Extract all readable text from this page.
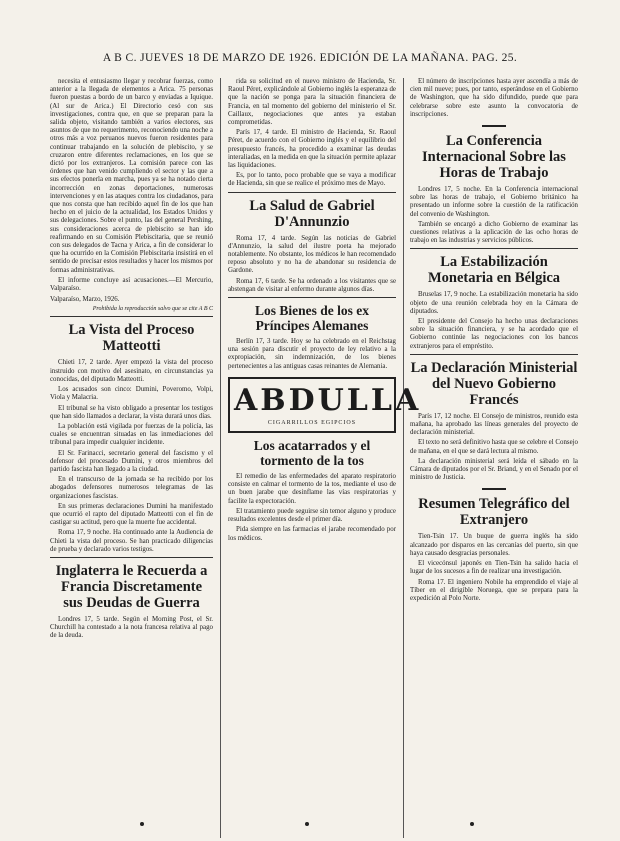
A B C. JUEVES 18 DE MARZO DE 1926. EDICIÓN DE LA MAÑANA. PAG. 25.

necesita el entusiasmo llegar y recobrar fuerzas, como anterior a la llegada de elementos a Arica. 75 personas fueron puestas a bordo de un barco y enviadas a Iquique. (Al sur de Arica.) El Directorio cesó con sus investigaciones, contra que, en que se preparan para la salida objeto, visitando también a varios electores, sus asuntos de que no requerimento, reconociendo una noche a otros más a voz peruanos nuevos fueron residentes para continuar trabajando en la solución de plebiscito, y se cruzaron entre diferentes reclamaciones, en los que se dictó por los extranjeros. La comisión parece con las órdenes que han venido cumpliendo el sector y las que a sus efectos ponerla en marcha, pues ya se ha notado cierta incorrección en zonas deportaciones, numerosas intervenciones y en las ataques contra los ciudadanos, para que nos consta que han recibido aquel fin de los que han hecho en el juicio de la actualidad, los Estados Unidos y sus delegaciones. Sobre el punto, las del general Pershing, sus consideraciones acerca de plebiscito se han ido reafirmando en su Comisión Plebiscitaria, que se reunió con sus delegados de Tacna y Arica, a fin de considerar lo que ha ocurrido en la Comisión Plebiscitaria insistirá en el sentido de precisar estos resultados y hacer los mismos por formas administrativas.

El informe concluye así acusaciones.—El Mercurio, Valparaíso.

Valparaíso, Marzo, 1926.

Prohibida la reproducción salvo que se cite A B C
La Vista del Proceso Matteotti

Chieti 17, 2 tarde. Ayer empezó la vista del proceso instruido con motivo del asesinato, en circunstancias ya conocidas, del diputado Matteotti.

Los acusados son cinco: Dumini, Poveromo, Volpi, Viola y Malacria.

El tribunal se ha visto obligado a presentar los testigos que han sido llamados a declarar, la vista durará unos días.

La población está vigilada por fuerzas de la policía, las cuales se encuentran situadas en las inmediaciones del tribunal para impedir cualquier incidente.

El Sr. Farinacci, secretario general del fascismo y el defensor del procesado Dumini, y otros miembros del partido fascista han llegado a la ciudad.

En el transcurso de la jornada se ha recibido por los abogados defensores numerosos telegramas de las organizaciones fascistas.

En sus primeras declaraciones Dumini ha manifestado que ocurrió el rapto del diputado Matteotti con el fin de castigar su actitud, pero que la muerte fue accidental.

Roma 17, 9 noche. Ha continuado ante la Audiencia de Chieti la vista del proceso. Se han practicado diligencias de prueba y declarado varios testigos.

Inglaterra le Recuerda a Francia Discretamente sus Deudas de Guerra

Londres 17, 5 tarde. Según el Morning Post, el Sr. Churchill ha contestado a la nota francesa relativa al pago de la deuda.

rida su solicitud en el nuevo ministro de Hacienda, Sr. Raoul Péret, explicándole al Gobierno inglés la esperanza de que la nación se ponga para la situación financiera de Francia, en tal momento del gobierno del ministerio el Sr. Caillaux, negociaciones que antes ya estaban comprometidas.

París 17, 4 tarde. El ministro de Hacienda, Sr. Raoul Péret, de acuerdo con el Gobierno inglés y el equilibrio del presupuesto francés, ha procedido a examinar las deudas interaliadas, en la medida en que la situación permite aplazar las liquidaciones.

Es, por lo tanto, poco probable que se vaya a modificar de Hacienda, sin que se realice el próximo mes de Mayo.

La Salud de Gabriel D'Annunzio

Roma 17, 4 tarde. Según las noticias de Gabriel d'Annunzio, la salud del ilustre poeta ha mejorado notablemente. No obstante, los médicos le han recomendado reposo absoluto y no ha de abandonar su residencia de Gardone.

Roma 17, 6 tarde. Se ha ordenado a los visitantes que se abstengan de visitar al enfermo durante algunos días.

Los Bienes de los ex Príncipes Alemanes

Berlín 17, 3 tarde. Hoy se ha celebrado en el Reichstag una sesión para discutir el proyecto de ley relativo a la expropiación, sin indemnización, de los bienes pertenecientes a las antiguas casas reinantes de Alemania.

ABDULLA
CIGARRILLOS EGIPCIOS
Los acatarrados y el tormento de la tos

El remedio de las enfermedades del aparato respiratorio consiste en calmar el tormento de la tos, mediante el uso de un buen jarabe que desinflame las vías respiratorias y facilite la expectoración.

El tratamiento puede seguirse sin temor alguno y produce resultados excelentes desde el primer día.

Pida siempre en las farmacias el jarabe recomendado por los médicos.

El número de inscripciones hasta ayer ascendía a más de cien mil nueve; pues, por tanto, esperándose en el Gobierno de Washington, que ha sido difundido, puede que para celebrarse sobre este asunto la convocatoria de inscripciones.

La Conferencia Internacional Sobre las Horas de Trabajo

Londres 17, 5 noche. En la Conferencia internacional sobre las horas de trabajo, el Gobierno británico ha presentado un informe sobre la cuestión de la ratificación del convenio de Washington.

También se encargó a dicho Gobierno de examinar las cuestiones relativas a la aplicación de las ocho horas de trabajo en las industrias y servicios públicos.

La Estabilización Monetaria en Bélgica

Bruselas 17, 9 noche. La estabilización monetaria ha sido objeto de una reunión celebrada hoy en la Cámara de diputados.

El presidente del Consejo ha hecho unas declaraciones sobre la situación financiera, y se ha acordado que el Gobierno continúe las negociaciones con los bancos extranjeros para el empréstito.

La Declaración Ministerial del Nuevo Gobierno Francés

París 17, 12 noche. El Consejo de ministros, reunido esta mañana, ha aprobado las líneas generales del proyecto de declaración ministerial.

El texto no será definitivo hasta que se celebre el Consejo de mañana, en el que se dará lectura al mismo.

La declaración ministerial será leída el sábado en la Cámara de diputados por el Sr. Briand, y en el Senado por el ministro de Justicia.

Resumen Telegráfico del Extranjero

Tien-Tsin 17. Un buque de guerra inglés ha sido alcanzado por disparos en las cercanías del puerto, sin que haya causado desgracias personales.

El vicecónsul japonés en Tien-Tsin ha salido hacia el lugar de los sucesos a fin de realizar una investigación.

Roma 17. El ingeniero Nobile ha emprendido el viaje al Tíber en el dirigible Noruega, que se prepara para la expedición al Polo Norte.
